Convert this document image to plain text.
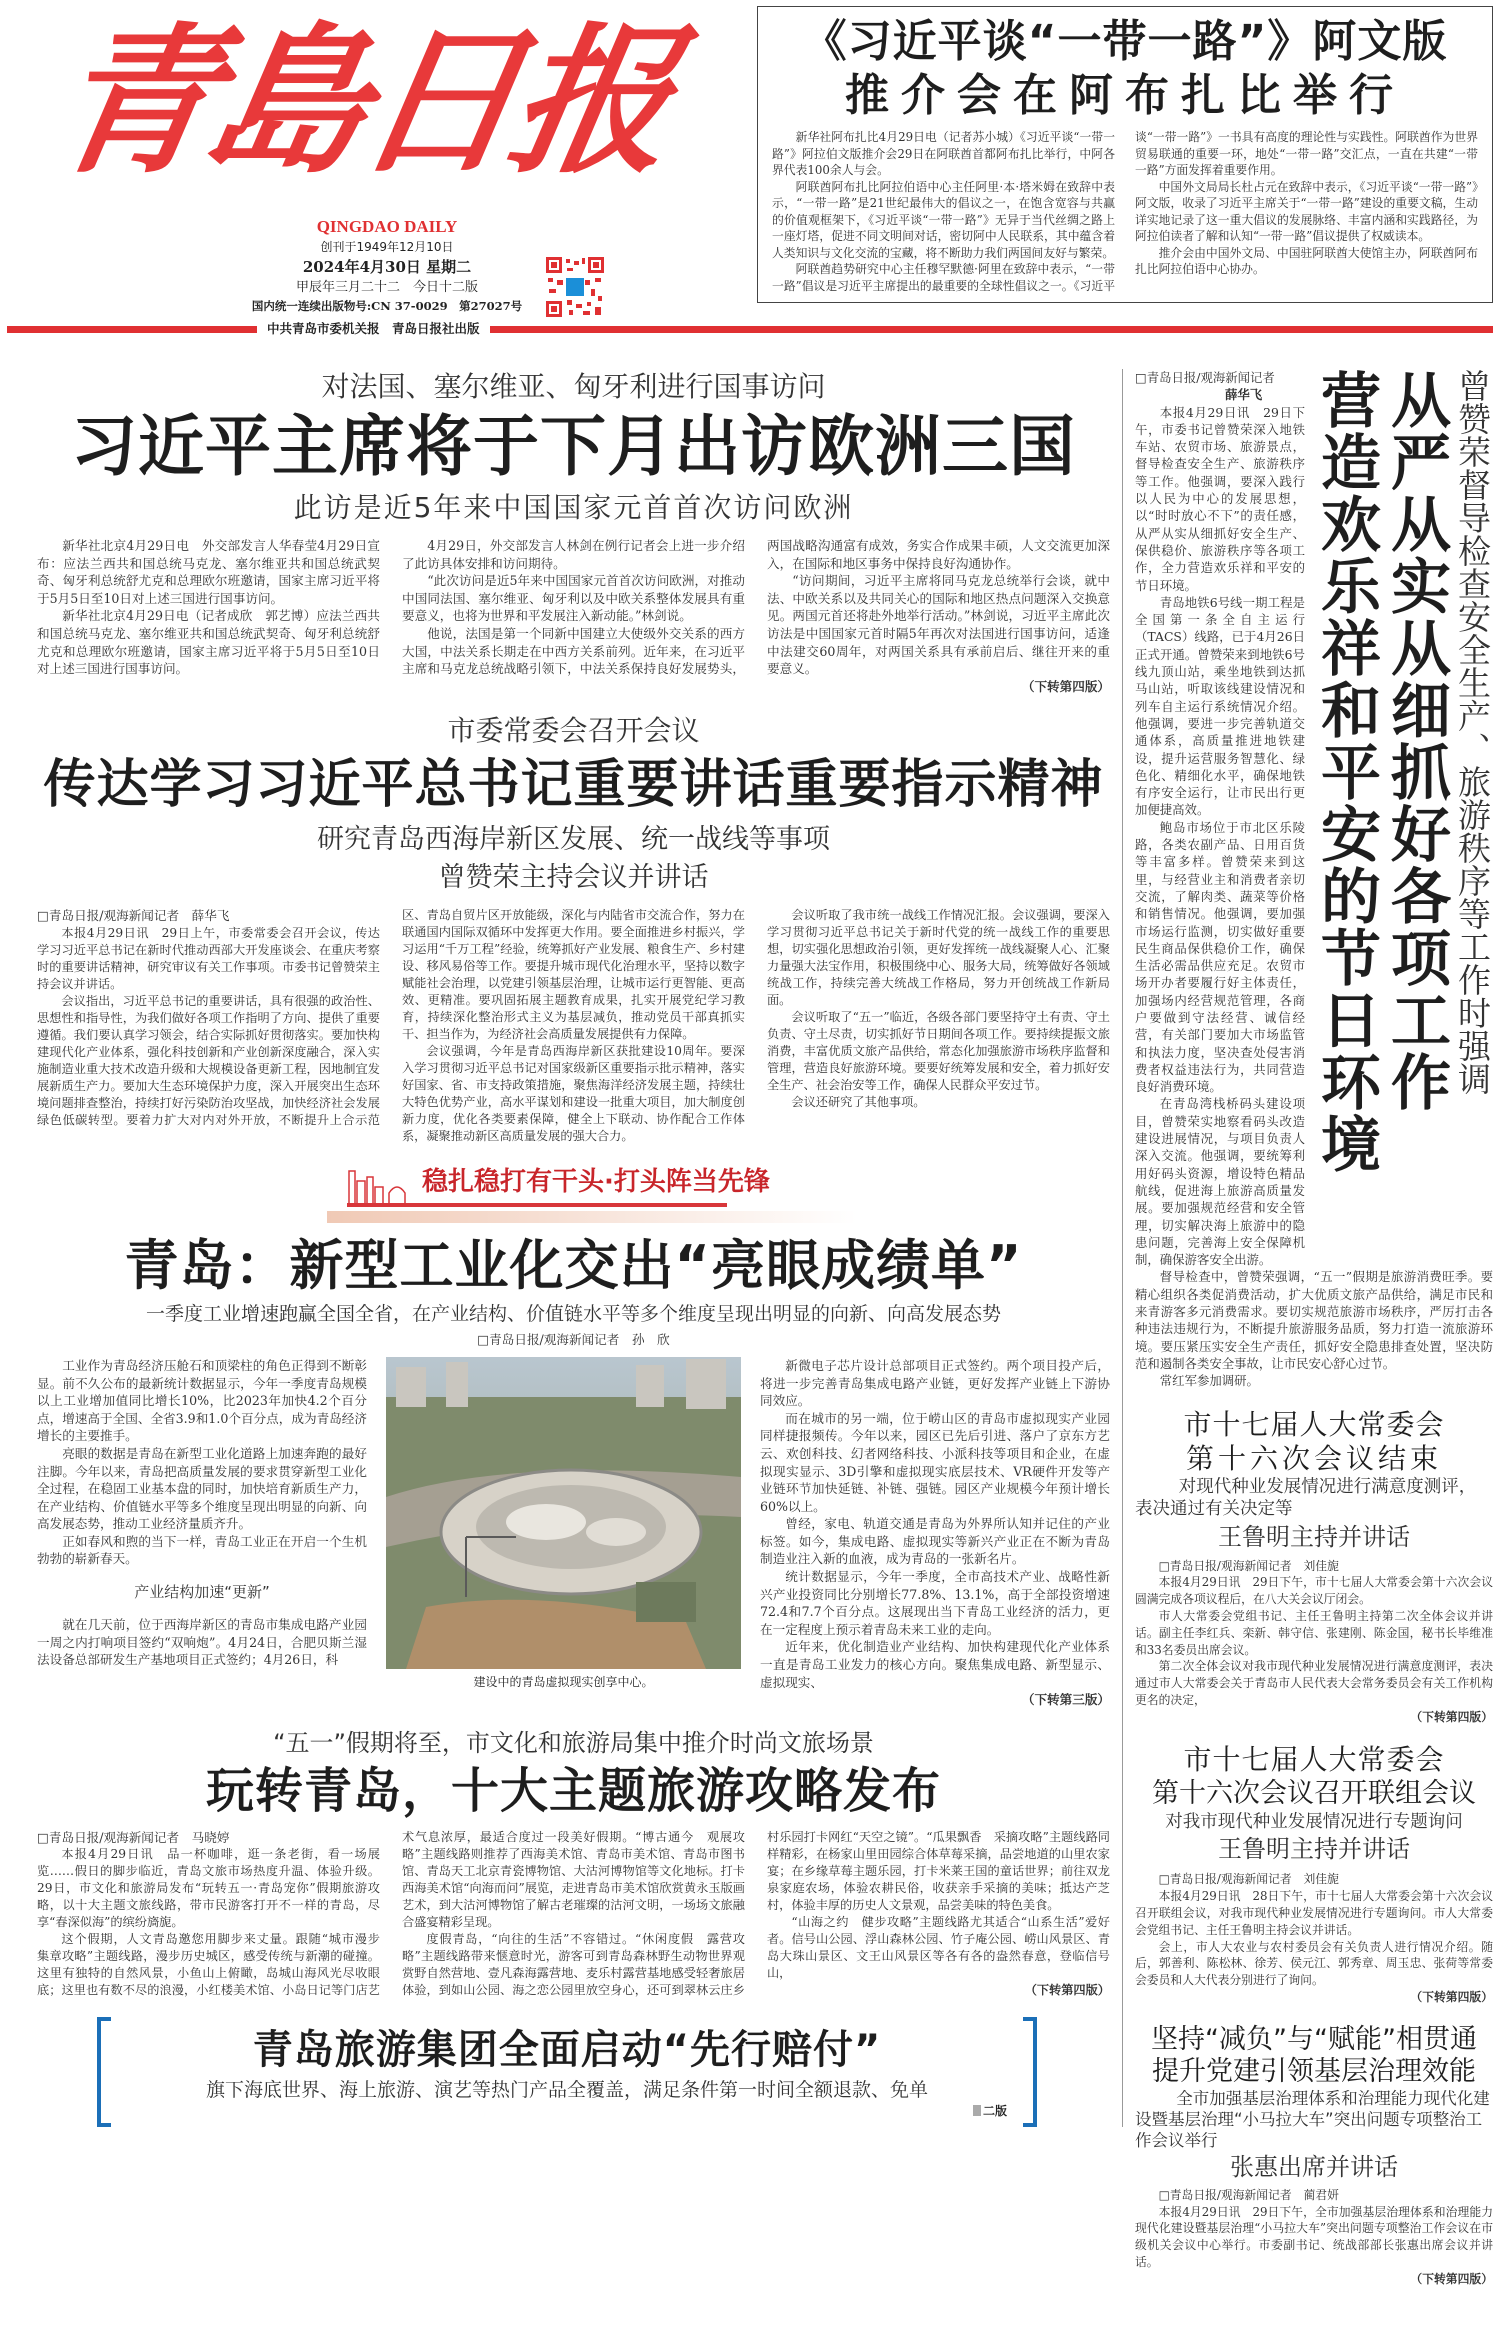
青島日报
QINGDAO DAILY
创刊于1949年12月10日
2024年4月30日 星期二
甲辰年三月二十二　今日十二版
国内统一连续出版物号:CN 37-0029　第27027号
《习近平谈“一带一路”》阿文版
推介会在阿布扎比举行

新华社阿布扎比4月29日电（记者苏小城）《习近平谈“一带一路”》阿拉伯文版推介会29日在阿联酋首都阿布扎比举行，中阿各界代表100余人与会。

阿联酋阿布扎比阿拉伯语中心主任阿里·本·塔米姆在致辞中表示，“一带一路”是21世纪最伟大的倡议之一，在饱含宽容与共赢的价值观框架下，《习近平谈“一带一路”》无异于当代丝绸之路上一座灯塔，促进不同文明间对话，密切阿中人民联系，其中蕴含着人类知识与文化交流的宝藏，将不断助力我们两国间友好与繁荣。

阿联酋趋势研究中心主任穆罕默德·阿里在致辞中表示，“一带一路”倡议是习近平主席提出的最重要的全球性倡议之一。《习近平谈“一带一路”》一书具有高度的理论性与实践性。阿联酋作为世界贸易联通的重要一环，地处“一带一路”交汇点，一直在共建“一带一路”方面发挥着重要作用。

中国外文局局长杜占元在致辞中表示，《习近平谈“一带一路”》阿文版，收录了习近平主席关于“一带一路”建设的重要文稿，生动详实地记录了这一重大倡议的发展脉络、丰富内涵和实践路径，为阿拉伯读者了解和认知“一带一路”倡议提供了权威读本。

推介会由中国外文局、中国驻阿联酋大使馆主办，阿联酋阿布扎比阿拉伯语中心协办。

中共青岛市委机关报　青岛日报社出版
对法国、塞尔维亚、匈牙利进行国事访问
习近平主席将于下月出访欧洲三国
此访是近5年来中国国家元首首次访问欧洲

新华社北京4月29日电　外交部发言人华春莹4月29日宣布：应法兰西共和国总统马克龙、塞尔维亚共和国总统武契奇、匈牙利总统舒尤克和总理欧尔班邀请，国家主席习近平将于5月5日至10日对上述三国进行国事访问。

新华社北京4月29日电（记者成欣　郭艺博）应法兰西共和国总统马克龙、塞尔维亚共和国总统武契奇、匈牙利总统舒尤克和总理欧尔班邀请，国家主席习近平将于5月5日至10日对上述三国进行国事访问。

4月29日，外交部发言人林剑在例行记者会上进一步介绍了此访具体安排和访问期待。

“此次访问是近5年来中国国家元首首次访问欧洲，对推动中国同法国、塞尔维亚、匈牙利以及中欧关系整体发展具有重要意义，也将为世界和平发展注入新动能。”林剑说。

他说，法国是第一个同新中国建立大使级外交关系的西方大国，中法关系长期走在中西方关系前列。近年来，在习近平主席和马克龙总统战略引领下，中法关系保持良好发展势头，两国战略沟通富有成效，务实合作成果丰硕，人文交流更加深入，在国际和地区事务中保持良好沟通协作。

“访问期间，习近平主席将同马克龙总统举行会谈，就中法、中欧关系以及共同关心的国际和地区热点问题深入交换意见。两国元首还将赴外地举行活动。”林剑说，习近平主席此次访法是中国国家元首时隔5年再次对法国进行国事访问，适逢中法建交60周年，对两国关系具有承前启后、继往开来的重要意义。

（下转第四版）
市委常委会召开会议
传达学习习近平总书记重要讲话重要指示精神
研究青岛西海岸新区发展、统一战线等事项
曾赞荣主持会议并讲话

□青岛日报/观海新闻记者　薛华飞

本报4月29日讯　29日上午，市委常委会召开会议，传达学习习近平总书记在新时代推动西部大开发座谈会、在重庆考察时的重要讲话精神，研究审议有关工作事项。市委书记曾赞荣主持会议并讲话。

会议指出，习近平总书记的重要讲话，具有很强的政治性、思想性和指导性，为我们做好各项工作指明了方向、提供了重要遵循。我们要认真学习领会，结合实际抓好贯彻落实。要加快构建现代化产业体系，强化科技创新和产业创新深度融合，深入实施制造业重大技术改造升级和大规模设备更新工程，因地制宜发展新质生产力。要加大生态环境保护力度，深入开展突出生态环境问题排查整治，持续打好污染防治攻坚战，加快经济社会发展绿色低碳转型。要着力扩大对内对外开放，不断提升上合示范区、青岛自贸片区开放能级，深化与内陆省市交流合作，努力在联通国内国际双循环中发挥更大作用。要全面推进乡村振兴，学习运用“千万工程”经验，统筹抓好产业发展、粮食生产、乡村建设、移风易俗等工作。要提升城市现代化治理水平，坚持以数字赋能社会治理，以党建引领基层治理，让城市运行更智能、更高效、更精准。要巩固拓展主题教育成果，扎实开展党纪学习教育，持续深化整治形式主义为基层减负，推动党员干部真抓实干、担当作为，为经济社会高质量发展提供有力保障。

会议强调，今年是青岛西海岸新区获批建设10周年。要深入学习贯彻习近平总书记对国家级新区重要指示批示精神，落实好国家、省、市支持政策措施，聚焦海洋经济发展主题，持续壮大特色优势产业，高水平谋划和建设一批重大项目，加大制度创新力度，优化各类要素保障，健全上下联动、协作配合工作体系，凝聚推动新区高质量发展的强大合力。

会议听取了我市统一战线工作情况汇报。会议强调，要深入学习贯彻习近平总书记关于新时代党的统一战线工作的重要思想，切实强化思想政治引领，更好发挥统一战线凝聚人心、汇聚力量强大法宝作用，积极围绕中心、服务大局，统筹做好各领域统战工作，持续完善大统战工作格局，努力开创统战工作新局面。

会议听取了“五一”临近，各级各部门要坚持守土有责、守土负责、守土尽责，切实抓好节日期间各项工作。要持续提振文旅消费，丰富优质文旅产品供给，常态化加强旅游市场秩序监督和管理，营造良好旅游环境。要要好统筹发展和安全，着力抓好安全生产、社会治安等工作，确保人民群众平安过节。

会议还研究了其他事项。

稳扎稳打有干头·打头阵当先锋
青岛：新型工业化交出“亮眼成绩单”
一季度工业增速跑赢全国全省，在产业结构、价值链水平等多个维度呈现出明显的向新、向高发展态势
□青岛日报/观海新闻记者　孙　欣

工业作为青岛经济压舱石和顶梁柱的角色正得到不断彰显。前不久公布的最新统计数据显示，今年一季度青岛规模以上工业增加值同比增长10%，比2023年加快4.2个百分点，增速高于全国、全省3.9和1.0个百分点，成为青岛经济增长的主要推手。

亮眼的数据是青岛在新型工业化道路上加速奔跑的最好注脚。今年以来，青岛把高质量发展的要求贯穿新型工业化全过程，在稳固工业基本盘的同时，加快培育新质生产力，在产业结构、价值链水平等多个维度呈现出明显的向新、向高发展态势，推动工业经济量质齐升。

正如春风和煦的当下一样，青岛工业正在开启一个生机勃勃的崭新春天。

产业结构加速“更新”

就在几天前，位于西海岸新区的青岛市集成电路产业园一周之内打响项目签约“双响炮”。4月24日，合肥贝斯兰湿法设备总部研发生产基地项目正式签约；4月26日，科

建设中的青岛虚拟现实创享中心。

新微电子芯片设计总部项目正式签约。两个项目投产后，将进一步完善青岛集成电路产业链，更好发挥产业链上下游协同效应。

而在城市的另一端，位于崂山区的青岛市虚拟现实产业园同样捷报频传。今年以来，园区已先后引进、落户了京东方艺云、欢创科技、幻者网络科技、小派科技等项目和企业，在虚拟现实显示、3D引擎和虚拟现实底层技术、VR硬件开发等产业链环节加快延链、补链、强链。园区产业规模今年预计增长60%以上。

曾经，家电、轨道交通是青岛为外界所认知并记住的产业标签。如今，集成电路、虚拟现实等新兴产业正在不断为青岛制造业注入新的血液，成为青岛的一张新名片。

统计数据显示，今年一季度，全市高技术产业、战略性新兴产业投资同比分别增长77.8%、13.1%，高于全部投资增速72.4和7.7个百分点。这展现出当下青岛工业经济的活力，更在一定程度上预示着青岛未来工业的走向。

近年来，优化制造业产业结构、加快构建现代化产业体系一直是青岛工业发力的核心方向。聚焦集成电路、新型显示、虚拟现实、

（下转第三版）
“五一”假期将至，市文化和旅游局集中推介时尚文旅场景
玩转青岛，十大主题旅游攻略发布

□青岛日报/观海新闻记者　马晓婷

本报4月29日讯　品一杯咖啡，逛一条老街，看一场展览……假日的脚步临近，青岛文旅市场热度升温、体验升级。29日，市文化和旅游局发布“玩转五一·青岛宠你”假期旅游攻略，以十大主题文旅线路，带市民游客打开不一样的青岛，尽享“春深似海”的缤纷旖旎。

这个假期，人文青岛邀您用脚步来丈量。跟随“城市漫步　集章攻略”主题线路，漫步历史城区，感受传统与新潮的碰撞。这里有独特的自然风景，小鱼山上俯瞰，岛城山海风光尽收眼底；这里也有数不尽的浪漫，小红楼美术馆、小岛日记等门店艺术气息浓厚，最适合度过一段美好假期。“博古通今　观展攻略”主题线路则推荐了西海美术馆、青岛市美术馆、青岛市图书馆、青岛天工北京青瓷博物馆、大沽河博物馆等文化地标。打卡西海美术馆“向海而问”展览，走进青岛市美术馆欣赏黄永玉版画艺术，到大沽河博物馆了解古老璀璨的沽河文明，一场场文旅融合盛宴精彩呈现。

度假青岛，“向往的生活”不容错过。“休闲度假　露营攻略”主题线路带来惬意时光，游客可到青岛森林野生动物世界观赏野自然营地、壹凡森海露营地、麦乐村露营基地感受轻奢旅居体验，到如山公园、海之恋公园里放空身心，还可到翠林云庄乡村乐园打卡网红“天空之镜”。“瓜果飘香　采摘攻略”主题线路同样精彩，在杨家山里田园综合体草莓采摘，品尝地道的山里农家宴；在乡缘草莓主题乐园，打卡米莱王国的童话世界；前往双龙泉家庭农场，体验农耕民俗，收获亲手采摘的美味；抵达产芝村，体验丰厚的历史人文景观，品尝美味的特色美食。

“山海之约　健步攻略”主题线路尤其适合“山系生活”爱好者。信号山公园、浮山森林公园、竹子庵公园、崂山风景区、青岛大珠山景区、文王山风景区等各有各的盎然春意，登临信号山，

（下转第四版）
青岛旅游集团全面启动“先行赔付”
旗下海底世界、海上旅游、演艺等热门产品全覆盖，满足条件第一时间全额退款、免单
二版
曾赞荣督导检查安全生产、旅游秩序等工作时强调
从严从实从细抓好各项工作
营造欢乐祥和平安的节日环境

□青岛日报/观海新闻记者

薛华飞

本报4月29日讯　29日下午，市委书记曾赞荣深入地铁车站、农贸市场、旅游景点，督导检查安全生产、旅游秩序等工作。他强调，要深入践行以人民为中心的发展思想，以“时时放心不下”的责任感，从严从实从细抓好安全生产、保供稳价、旅游秩序等各项工作，全力营造欢乐祥和平安的节日环境。

青岛地铁6号线一期工程是全国第一条全自主运行（TACS）线路，已于4月26日正式开通。曾赞荣来到地铁6号线九顶山站，乘坐地铁到达抓马山站，听取该线建设情况和列车自主运行系统情况介绍。他强调，要进一步完善轨道交通体系，高质量推进地铁建设，提升运营服务智慧化、绿色化、精细化水平，确保地铁有序安全运行，让市民出行更加便捷高效。

鲍岛市场位于市北区乐陵路，各类农副产品、日用百货等丰富多样。曾赞荣来到这里，与经营业主和消费者亲切交流，了解肉类、蔬菜等价格和销售情况。他强调，要加强市场运行监测，切实做好重要民生商品保供稳价工作，确保生活必需品供应充足。农贸市场开办者要履行好主体责任，加强场内经营规范管理，各商户要做到守法经营、诚信经营，有关部门要加大市场监管和执法力度，坚决查处侵害消费者权益违法行为，共同营造良好消费环境。

在青岛湾栈桥码头建设项目，曾赞荣实地察看码头改造建设进展情况，与项目负责人深入交流。他强调，要统筹利用好码头资源，增设特色精品航线，促进海上旅游高质量发展。要加强规范经营和安全管理，切实解决海上旅游中的隐患问题，完善海上安全保障机制，确保游客安全出游。

督导检查中，曾赞荣强调，“五一”假期是旅游消费旺季。要精心组织各类促消费活动，扩大优质文旅产品供给，满足市民和来青游客多元消费需求。要切实规范旅游市场秩序，严厉打击各种违法违规行为，不断提升旅游服务品质，努力打造一流旅游环境。要压紧压实安全生产责任，抓好安全隐患排查处置，坚决防范和遏制各类安全事故，让市民安心舒心过节。

常红军参加调研。

市十七届人大常委会
第十六次会议结束
对现代种业发展情况进行满意度测评，表决通过有关决定等
王鲁明主持并讲话

□青岛日报/观海新闻记者　刘佳旎

本报4月29日讯　29日下午，市十七届人大常委会第十六次会议圆满完成各项议程后，在八大关会议厅闭会。

市人大常委会党组书记、主任王鲁明主持第二次全体会议并讲话。副主任李红兵、栾新、韩守信、张建刚、陈金国，秘书长毕维准和33名委员出席会议。

第二次全体会议对我市现代种业发展情况进行满意度测评，表决通过市人大常委会关于青岛市人民代表大会常务委员会有关工作机构更名的决定，

（下转第四版）
市十七届人大常委会
第十六次会议召开联组会议
对我市现代种业发展情况进行专题询问
王鲁明主持并讲话

□青岛日报/观海新闻记者　刘佳旎

本报4月29日讯　28日下午，市十七届人大常委会第十六次会议召开联组会议，对我市现代种业发展情况进行专题询问。市人大常委会党组书记、主任王鲁明主持会议并讲话。

会上，市人大农业与农村委员会有关负责人进行情况介绍。随后，郭善利、陈松林、徐芳、侯元江、郭秀章、周玉忠、张荷等常委会委员和人大代表分别进行了询问。

（下转第四版）
坚持“减负”与“赋能”相贯通
提升党建引领基层治理效能
全市加强基层治理体系和治理能力现代化建设暨基层治理“小马拉大车”突出问题专项整治工作会议举行
张惠出席并讲话

□青岛日报/观海新闻记者　蔺君妍

本报4月29日讯　29日下午，全市加强基层治理体系和治理能力现代化建设暨基层治理“小马拉大车”突出问题专项整治工作会议在市级机关会议中心举行。市委副书记、统战部部长张惠出席会议并讲话。

（下转第四版）
